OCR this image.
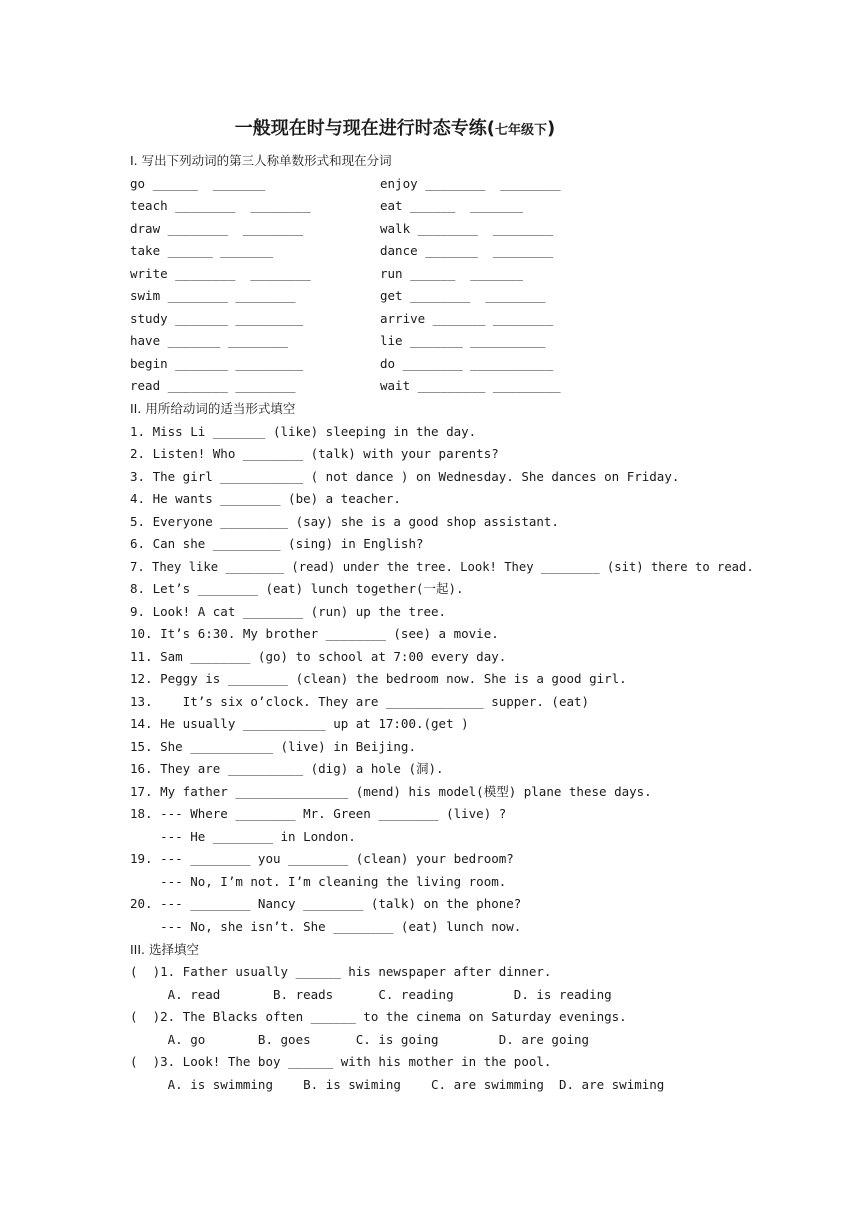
一般现在时与现在进行时态专练(七年级下)
I. 写出下列动词的第三人称单数形式和现在分词
go ______  _______
teach ________  ________
draw ________  ________
take ______ _______
write ________  ________
swim ________ ________
study _______ _________
have _______ ________
begin _______ _________
read ________ ________
enjoy ________  ________
eat ______  _______
walk ________  ________
dance _______  ________
run ______  _______
get ________  ________
arrive _______ ________
lie _______ __________
do ________ ___________
wait _________ _________
II. 用所给动词的适当形式填空
1. Miss Li _______ (like) sleeping in the day.
2. Listen! Who ________ (talk) with your parents?
3. The girl ___________ ( not dance ) on Wednesday. She dances on Friday.
4. He wants ________ (be) a teacher.
5. Everyone _________ (say) she is a good shop assistant.
6. Can she _________ (sing) in English?
7. They like ________ (read) under the tree. Look! They ________ (sit) there to read.
8. Let’s ________ (eat) lunch together(一起).
9. Look! A cat ________ (run) up the tree.
10. It’s 6:30. My brother ________ (see) a movie.
11. Sam ________ (go) to school at 7:00 every day.
12. Peggy is ________ (clean) the bedroom now. She is a good girl.
13.    It’s six o’clock. They are _____________ supper. (eat)
14. He usually ___________ up at 17:00.(get )
15. She ___________ (live) in Beijing.
16. They are __________ (dig) a hole (洞).
17. My father _______________ (mend) his model(模型) plane these days.
18. --- Where ________ Mr. Green ________ (live) ?
--- He ________ in London.
19. --- ________ you ________ (clean) your bedroom?
--- No, I’m not. I’m cleaning the living room.
20. --- ________ Nancy ________ (talk) on the phone?
--- No, she isn’t. She ________ (eat) lunch now.
III. 选择填空
(  )1. Father usually ______ his newspaper after dinner.
A. read       B. reads      C. reading        D. is reading
(  )2. The Blacks often ______ to the cinema on Saturday evenings.
A. go       B. goes      C. is going        D. are going
(  )3. Look! The boy ______ with his mother in the pool.
A. is swimming    B. is swiming    C. are swimming  D. are swiming
